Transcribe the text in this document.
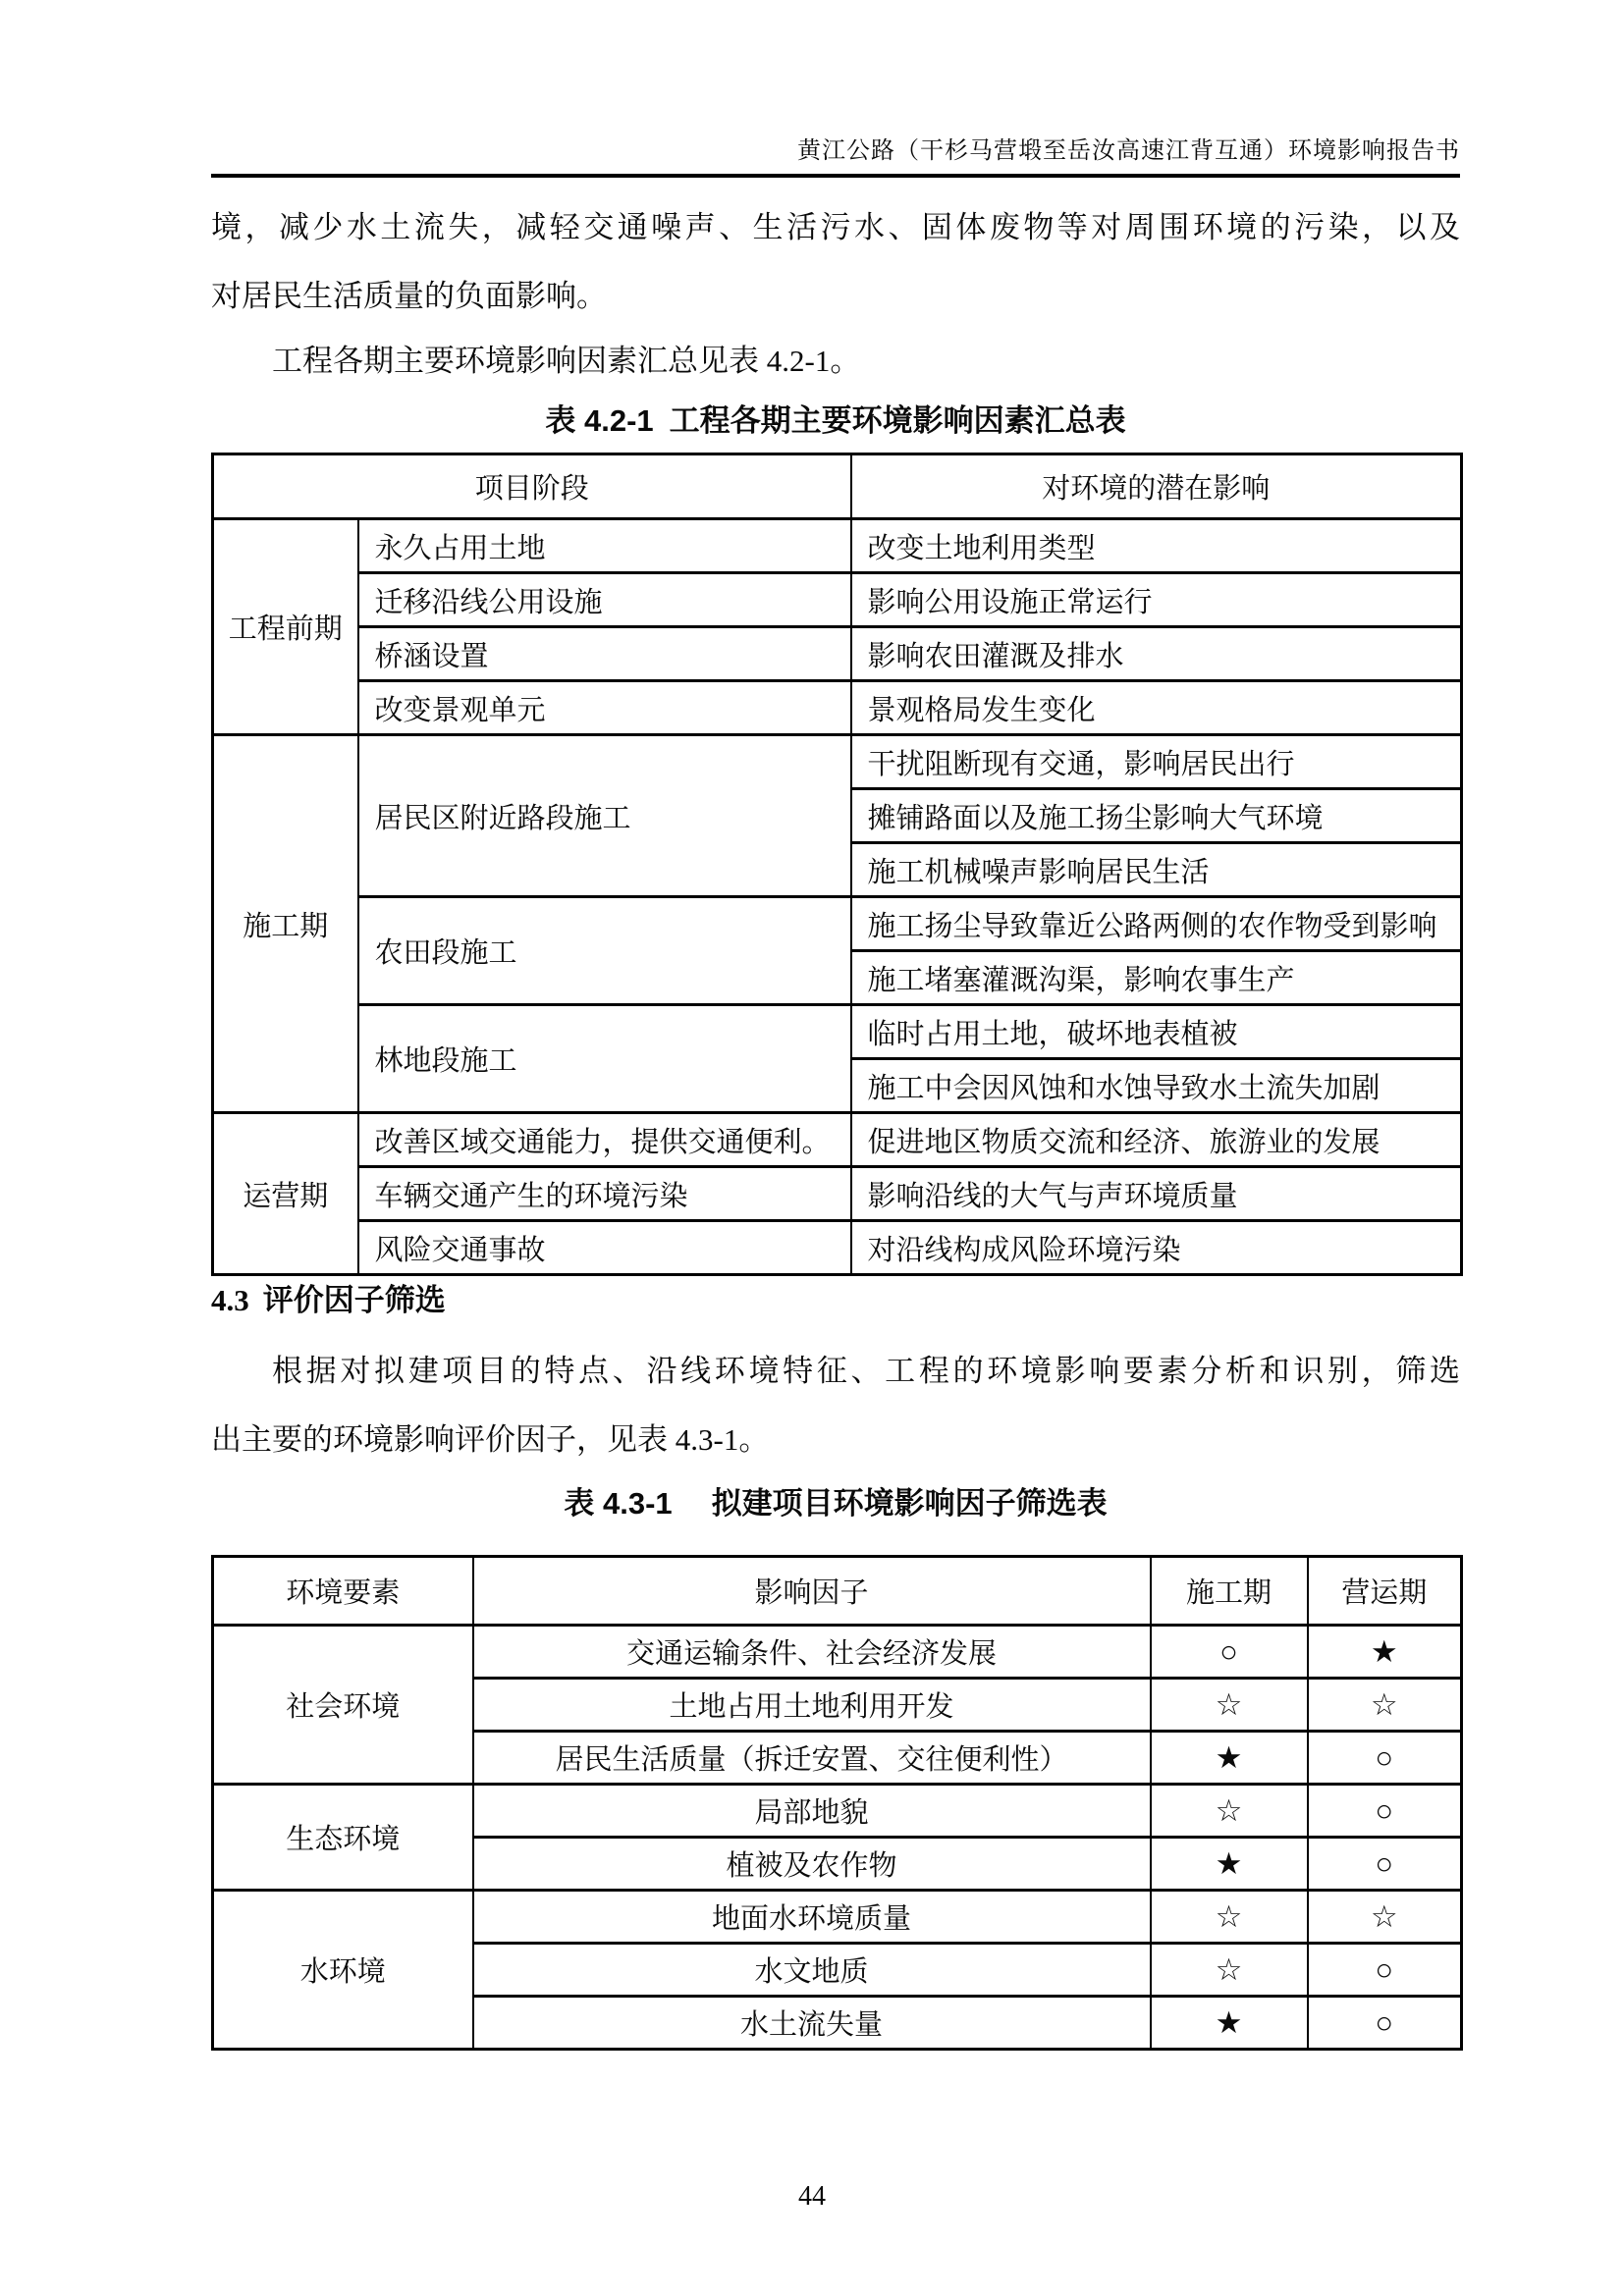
黄江公路（干杉马营塅至岳汝高速江背互通）环境影响报告书
境，减少水土流失，减轻交通噪声、生活污水、固体废物等对周围环境的污染，以及
对居民生活质量的负面影响。
工程各期主要环境影响因素汇总见表 4.2-1。
表 4.2-1 工程各期主要环境影响因素汇总表
项目阶段		对环境的潜在影响
工程前期	永久占用土地	改变土地利用类型
	迁移沿线公用设施	影响公用设施正常运行
	桥涵设置	影响农田灌溉及排水
	改变景观单元	景观格局发生变化
施工期	居民区附近路段施工	干扰阻断现有交通，影响居民出行
		摊铺路面以及施工扬尘影响大气环境
		施工机械噪声影响居民生活
	农田段施工	施工扬尘导致靠近公路两侧的农作物受到影响
		施工堵塞灌溉沟渠，影响农事生产
	林地段施工	临时占用土地，破坏地表植被
		施工中会因风蚀和水蚀导致水土流失加剧
运营期	改善区域交通能力，提供交通便利。	促进地区物质交流和经济、旅游业的发展
	车辆交通产生的环境污染	影响沿线的大气与声环境质量
	风险交通事故	对沿线构成风险环境污染
4.3 评价因子筛选
根据对拟建项目的特点、沿线环境特征、工程的环境影响要素分析和识别，筛选
出主要的环境影响评价因子，见表 4.3-1。
表 4.3-1 拟建项目环境影响因子筛选表
环境要素	影响因子	施工期	营运期
社会环境	交通运输条件、社会经济发展	○	★
	土地占用土地利用开发	☆	☆
	居民生活质量（拆迁安置、交往便利性）	★	○
生态环境	局部地貌	☆	○
	植被及农作物	★	○
水环境	地面水环境质量	☆	☆
	水文地质	☆	○
	水土流失量	★	○
44
